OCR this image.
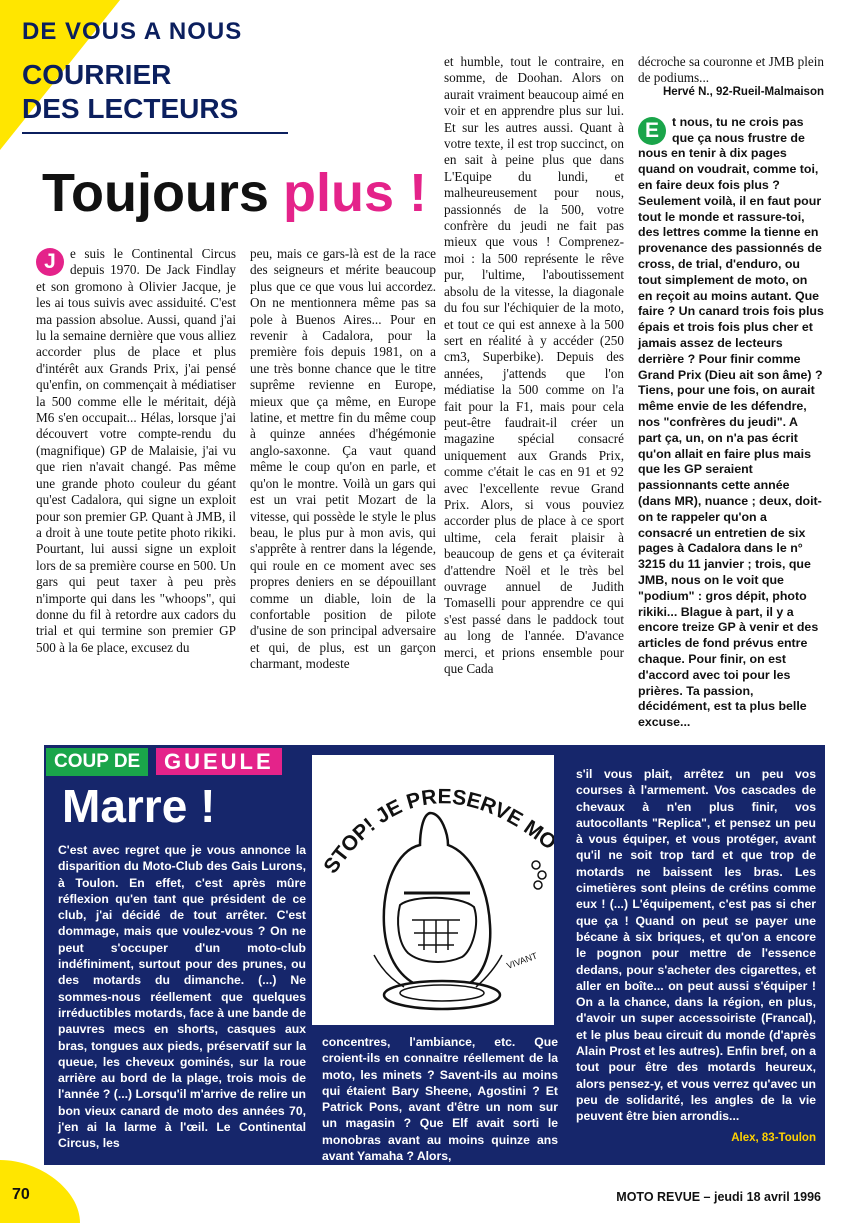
DE VOUS A NOUS
COURRIER
DES LECTEURS
Toujours plus !
J	e suis le Continental Circus depuis 1970. De Jack Findlay et son gromono à Olivier Jacque, je les ai tous suivis avec assiduité. C'est ma passion absolue. Aussi, quand j'ai lu la semaine dernière que vous alliez accorder plus de place et plus d'intérêt aux Grands Prix, j'ai pensé qu'enfin, on commençait à médiatiser la 500 comme elle le méritait, déjà M6 s'en occupait... Hélas, lorsque j'ai découvert votre compte-rendu du (magnifique) GP de Malaisie, j'ai vu que rien n'avait changé. Pas même une grande photo couleur du géant qu'est Cadalora, qui signe un exploit pour son premier GP. Quant à JMB, il a droit à une toute petite photo rikiki. Pourtant, lui aussi signe un exploit lors de sa première course en 500. Un gars qui peut taxer à peu près n'importe qui dans les "whoops", qui donne du fil à retordre aux cadors du trial et qui termine son premier GP 500 à la 6e place, excusez du
peu, mais ce gars-là est de la race des seigneurs et mérite beaucoup plus que ce que vous lui accordez. On ne mentionnera même pas sa pole à Buenos Aires... Pour en revenir à Cadalora, pour la première fois depuis 1981, on a une très bonne chance que le titre suprême revienne en Europe, mieux que ça même, en Europe latine, et mettre fin du même coup à quinze années d'hégémonie anglo-saxonne. Ça vaut quand même le coup qu'on en parle, et qu'on le montre. Voilà un gars qui est un vrai petit Mozart de la vitesse, qui possède le style le plus beau, le plus pur à mon avis, qui s'apprête à rentrer dans la légende, qui roule en ce moment avec ses propres deniers en se dépouillant comme un diable, loin de la confortable position de pilote d'usine de son principal adversaire et qui, de plus, est un garçon charmant, modeste
et humble, tout le contraire, en somme, de Doohan. Alors on aurait vraiment beaucoup aimé en voir et en apprendre plus sur lui. Et sur les autres aussi. Quant à votre texte, il est trop succinct, on en sait à peine plus que dans L'Equipe du lundi, et malheureusement pour nous, passionnés de la 500, votre confrère du jeudi ne fait pas mieux que vous ! Comprenez-moi : la 500 représente le rêve pur, l'ultime, l'aboutissement absolu de la vitesse, la diagonale du fou sur l'échiquier de la moto, et tout ce qui est annexe à la 500 sert en réalité à y accéder (250 cm3, Superbike). Depuis des années, j'attends que l'on médiatise la 500 comme on l'a fait pour la F1, mais pour cela peut-être faudrait-il créer un magazine spécial consacré uniquement aux Grands Prix, comme c'était le cas en 91 et 92 avec l'excellente revue Grand Prix. Alors, si vous pouviez accorder plus de place à ce sport ultime, cela ferait plaisir à beaucoup de gens et ça éviterait d'attendre Noël et le très bel ouvrage annuel de Judith Tomaselli pour apprendre ce qui s'est passé dans le paddock tout au long de l'année. D'avance merci, et prions ensemble pour que Cada
décroche sa couronne et JMB plein de podiums...
E	t nous, tu ne crois pas que ça nous frustre de nous en tenir à dix pages quand on voudrait, comme toi, en faire deux fois plus ? Seulement voilà, il en faut pour tout le monde et rassure-toi, des lettres comme la tienne en provenance des passionnés de cross, de trial, d'enduro, ou tout simplement de moto, on en reçoit au moins autant. Que faire ? Un canard trois fois plus épais et trois fois plus cher et jamais assez de lecteurs derrière ? Pour finir comme Grand Prix (Dieu ait son âme) ? Tiens, pour une fois, on aurait même envie de les défendre, nos "confrères du jeudi". A part ça, un, on n'a pas écrit qu'on allait en faire plus mais que les GP seraient passionnants cette année (dans MR), nuance ; deux, doit-on te rappeler qu'on a consacré un entretien de six pages à Cadalora dans le n° 3215 du 11 janvier ; trois, que JMB, nous on le voit que "podium" : gros dépit, photo rikiki... Blague à part, il y a encore treize GP à venir et des articles de fond prévus entre chaque. Pour finir, on est d'accord avec toi pour les prières. Ta passion, décidément, est ta plus belle excuse...
Hervé N., 92-Rueil-Malmaison
COUP DE	GUEULE
Marre !
C'est avec regret que je vous annonce la disparition du Moto-Club des Gais Lurons, à Toulon. En effet, c'est après mûre réflexion qu'en tant que président de ce club, j'ai décidé de tout arrêter. C'est dommage, mais que voulez-vous ? On ne peut s'occuper d'un moto-club indéfiniment, surtout pour des prunes, ou des motards du dimanche. (...) Ne sommes-nous réellement que quelques irréductibles motards, face à une bande de pauvres mecs en shorts, casques aux bras, tongues aux pieds, préservatif sur la queue, les cheveux gominés, sur la roue arrière au bord de la plage, trois mois de l'année ? (...) Lorsqu'il m'arrive de relire un bon vieux canard de moto des années 70, j'en ai la larme à l'œil. Le Continental Circus, les
STOP! JE PRESERVE M
VIVANT
concentres, l'ambiance, etc. Que croient-ils en connaitre réellement de la moto, les minets ? Savent-ils au moins qui étaient Bary Sheene, Agostini ? Et Patrick Pons, avant d'être un nom sur un magasin ? Que Elf avait sorti le monobras avant au moins quinze ans avant Yamaha ? Alors,
s'il vous plait, arrêtez un peu vos courses à l'armement. Vos cascades de chevaux à n'en plus finir, vos autocollants "Replica", et pensez un peu à vous équiper, et vous protéger, avant qu'il ne soit trop tard et que trop de motards ne baissent les bras. Les cimetières sont pleins de crétins comme eux ! (...) L'équipement, c'est pas si cher que ça ! Quand on peut se payer une bécane à six briques, et qu'on a encore le pognon pour mettre de l'essence dedans, pour s'acheter des cigarettes, et aller en boîte... on peut aussi s'équiper ! On a la chance, dans la région, en plus, d'avoir un super accessoiriste (Francal), et le plus beau circuit du monde (d'après Alain Prost et les autres). Enfin bref, on a tout pour être des motards heureux, alors pensez-y, et vous verrez qu'avec un peu de solidarité, les angles de la vie peuvent être bien arrondis...
Alex, 83-Toulon
70	MOTO REVUE – jeudi 18 avril 1996
